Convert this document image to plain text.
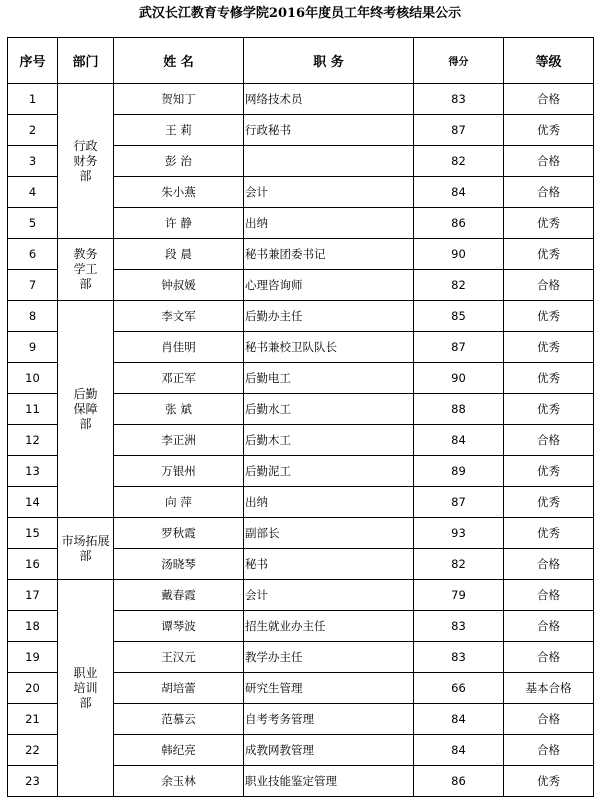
武汉长江教育专修学院2016年度员工年终考核结果公示
序号	部门	姓 名	职 务	得分	等级
1	行政财务部	贺知丁	网络技术员	83	合格
2		王 莉	行政秘书	87	优秀
3		彭 治		82	合格
4		朱小燕	会计	84	合格
5		许 静	出纳	86	优秀
6	教务学工部	段 晨	秘书兼团委书记	90	优秀
7		钟叔媛	心理咨询师	82	合格
8	后勤保障部	李文军	后勤办主任	85	优秀
9		肖佳明	秘书兼校卫队队长	87	优秀
10		邓正军	后勤电工	90	优秀
11		张 斌	后勤水工	88	优秀
12		李正洲	后勤木工	84	合格
13		万银州	后勤泥工	89	优秀
14		向 萍	出纳	87	优秀
15	市场拓展部	罗秋霞	副部长	93	优秀
16		汤晓琴	秘书	82	合格
17	职业培训部	戴春霞	会计	79	合格
18		谭琴波	招生就业办主任	83	合格
19		王汉元	教学办主任	83	合格
20		胡培蕾	研究生管理	66	基本合格
21		范慕云	自考考务管理	84	合格
22		韩纪亮	成教网教管理	84	合格
23		余玉林	职业技能鉴定管理	86	优秀
